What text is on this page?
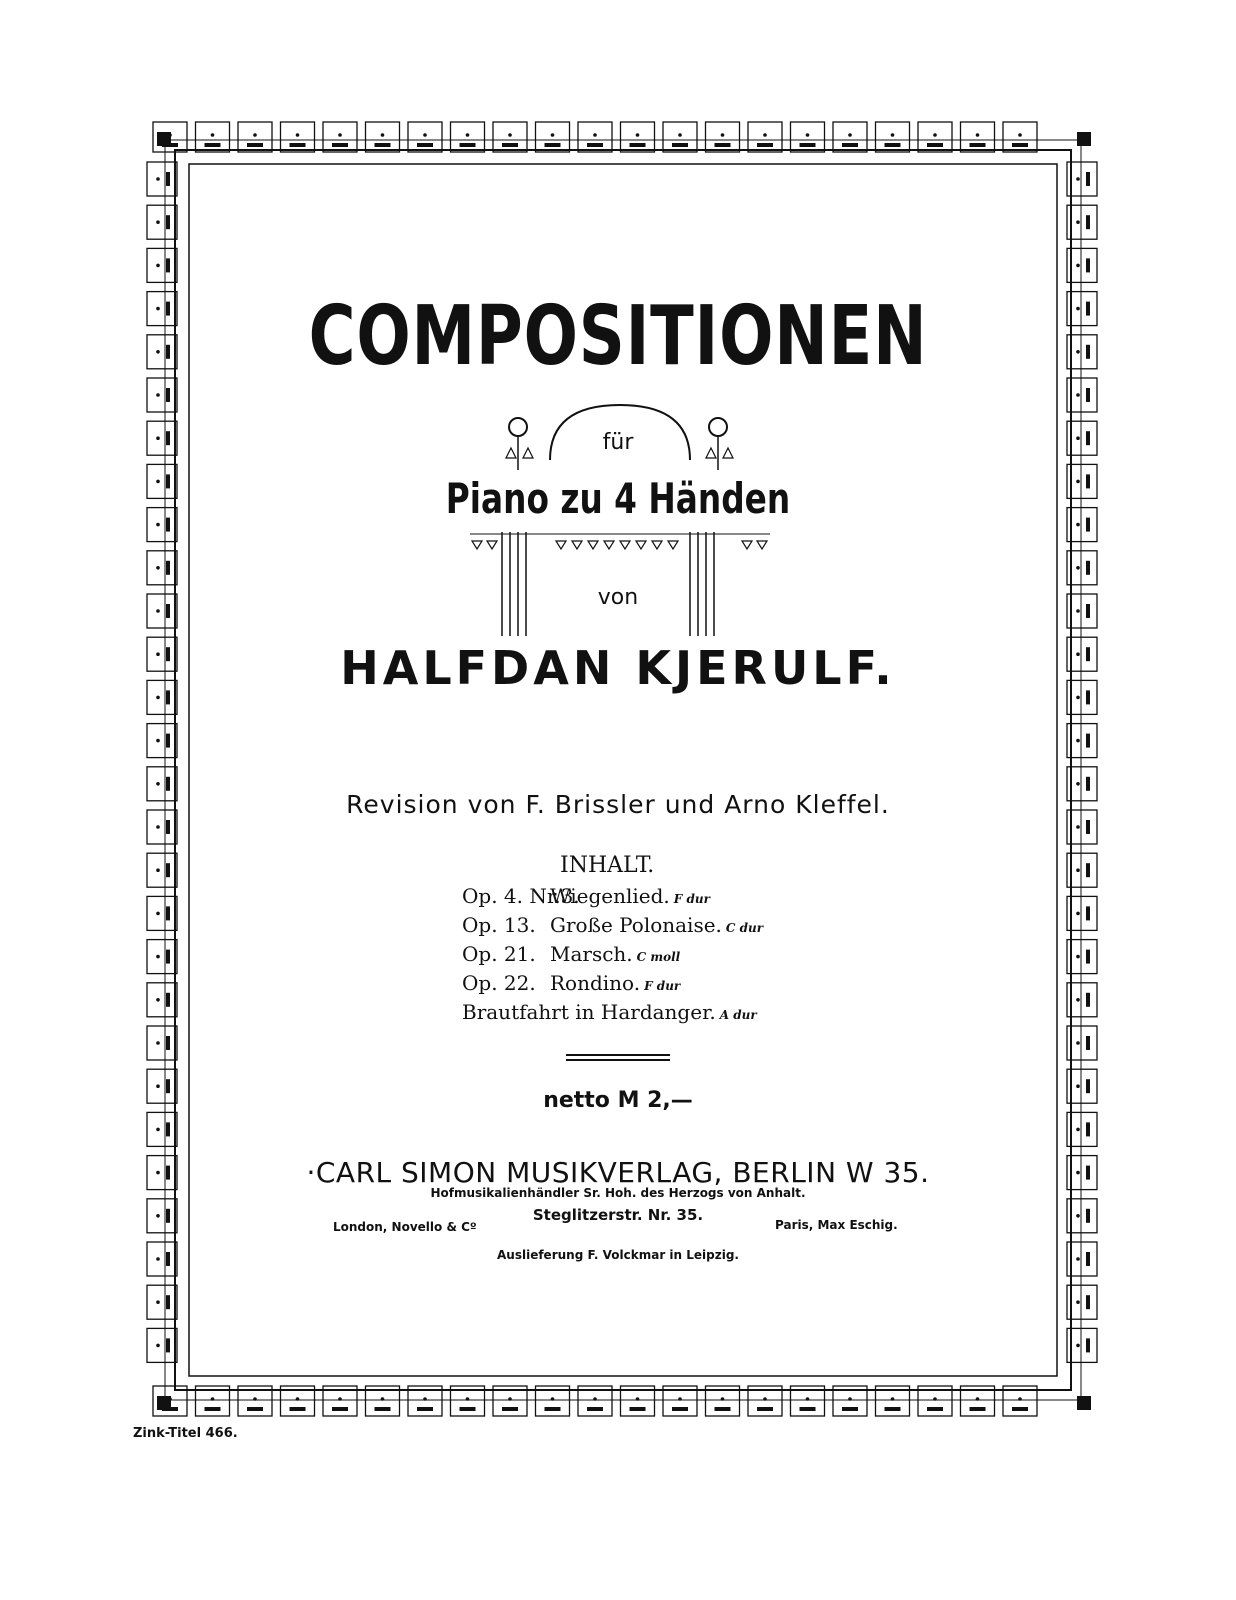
COMPOSITIONEN
für
Piano zu 4 Händen
von
HALFDAN KJERULF.
Revision von F. Brissler und Arno Kleffel.
INHALT.
Op. 4. Nr.3.Wiegenlied. F dur
Op. 13. Große Polonaise. C dur
Op. 21. Marsch. C moll
Op. 22. Rondino. F dur
Brautfahrt in Hardanger. A dur
netto M 2,—
·CARL SIMON MUSIKVERLAG, BERLIN W 35.
Hofmusikalienhändler Sr. Hoh. des Herzogs von Anhalt.
Steglitzerstr. Nr. 35.
London, Novello & Cº	Paris, Max Eschig.
Auslieferung F. Volckmar in Leipzig.
Zink-Titel 466.
